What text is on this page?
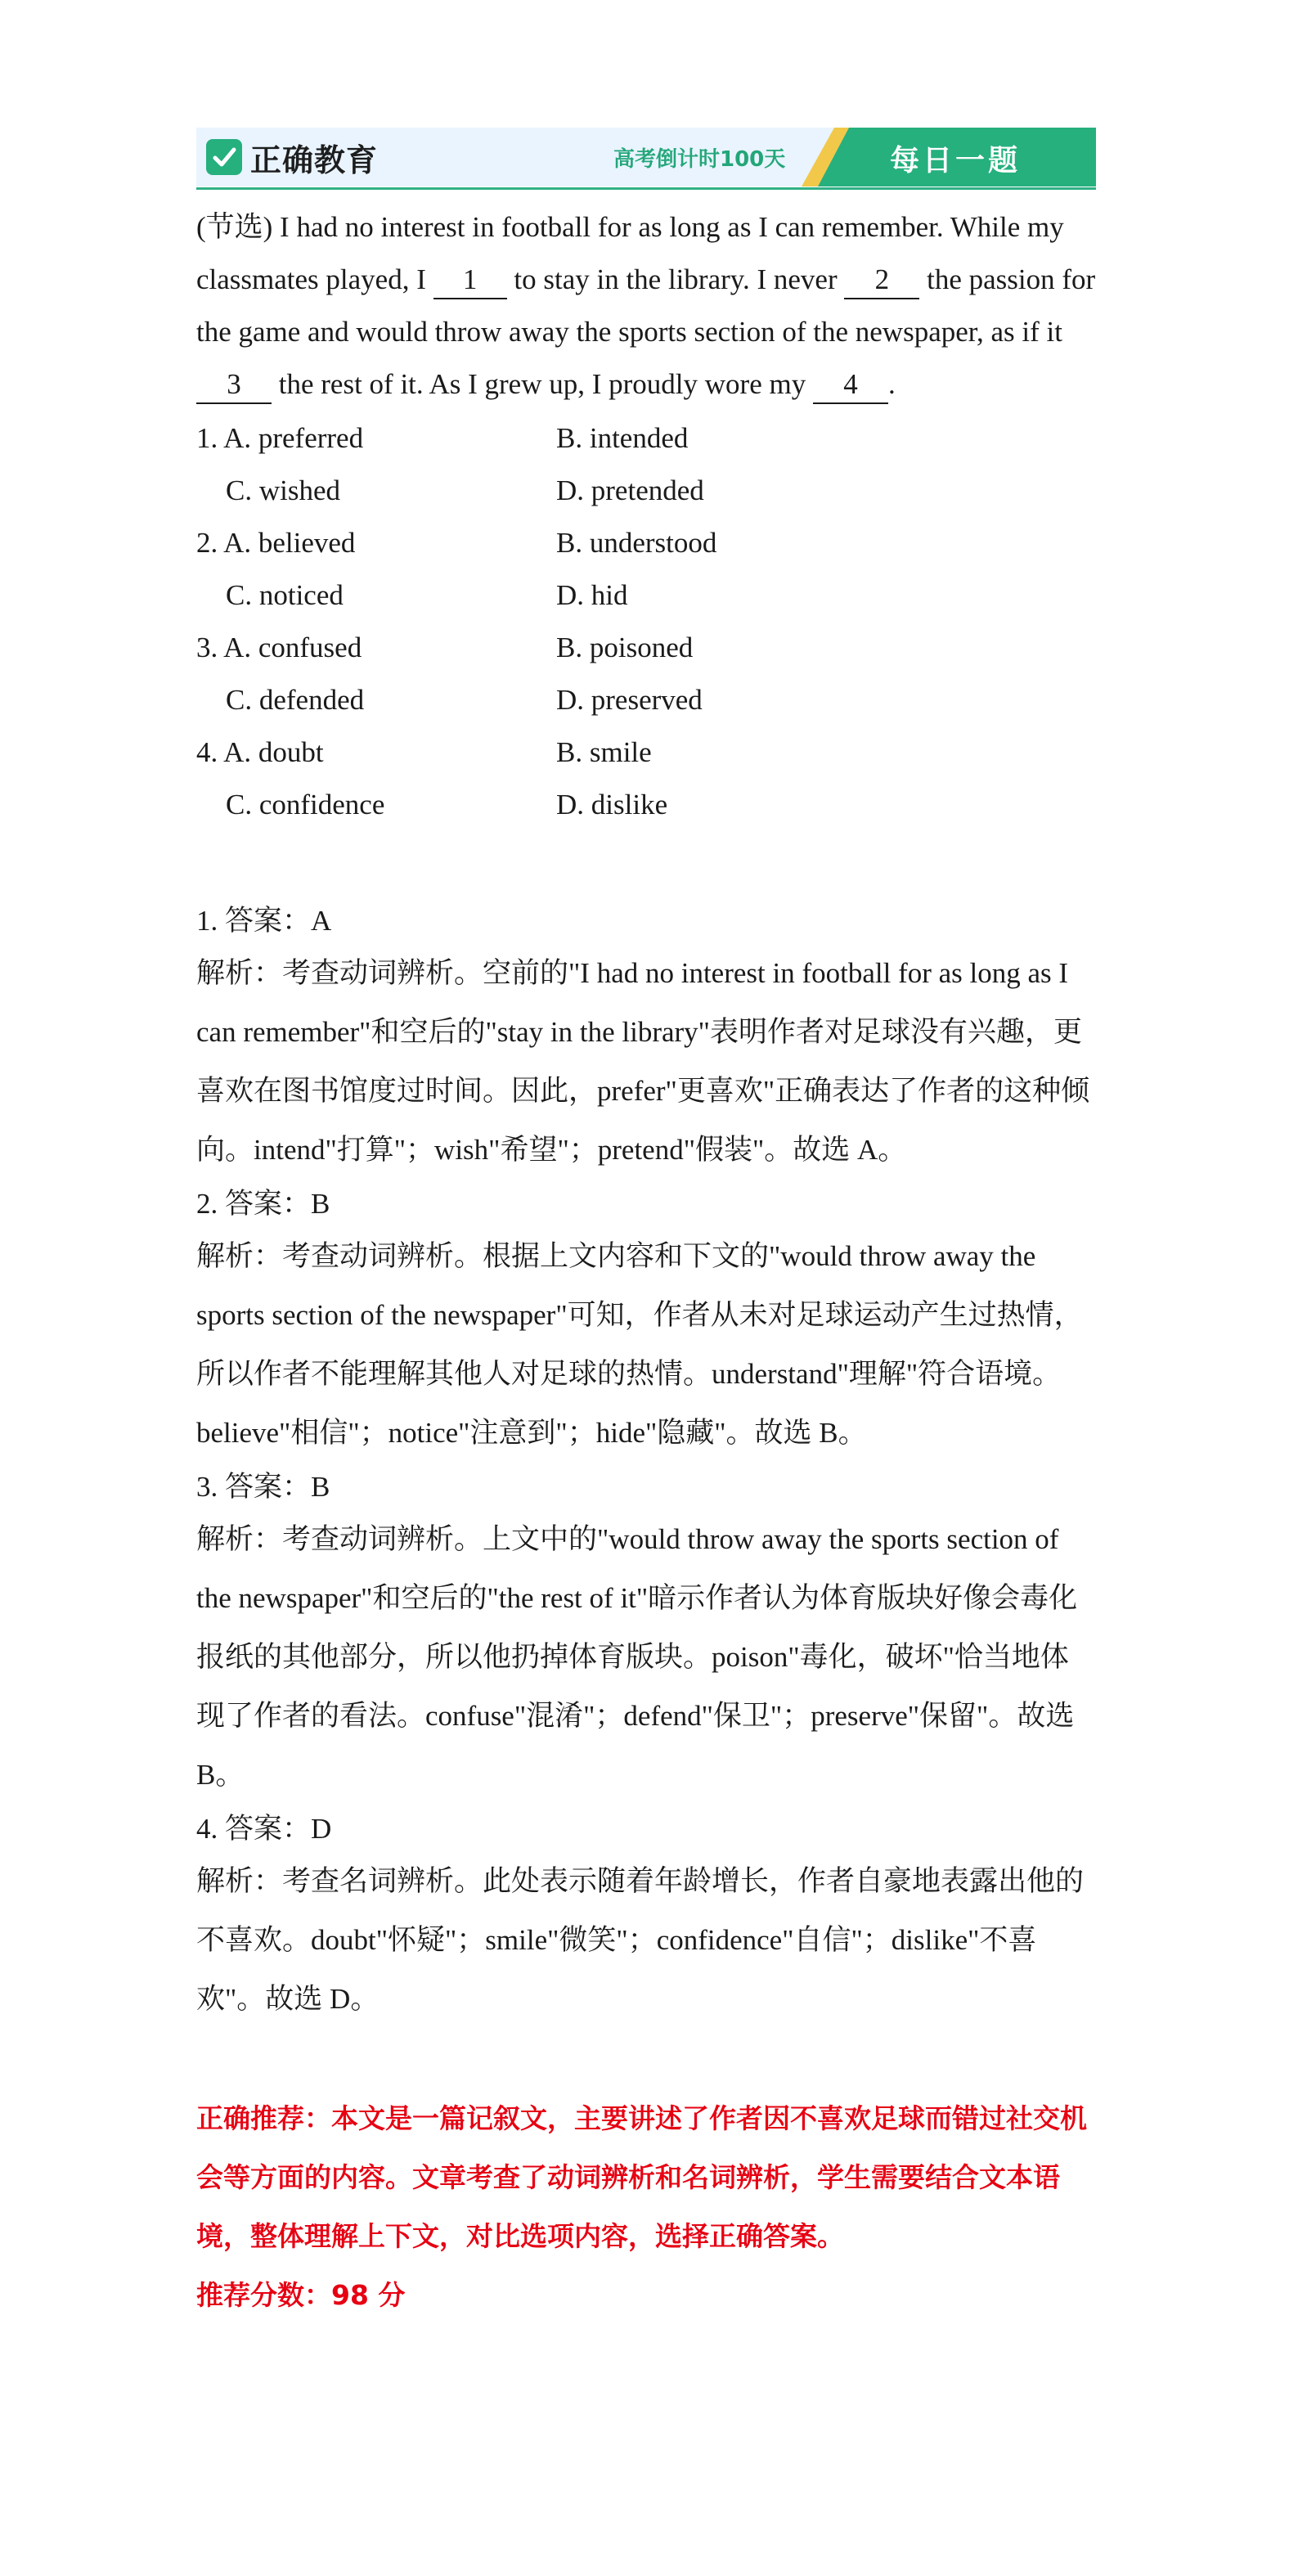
正确教育	高考倒计时100天	每日一题

(节选) I had no interest in football for as long as I can remember. While my classmates played, I 1 to stay in the library. I never 2 the passion for the game and would throw away the sports section of the newspaper, as if it 3 the rest of it. As I grew up, I proudly wore my 4 .

1. A. preferred	B. intended
C. wished	D. pretended
2. A. believed	B. understood
C. noticed	D. hid
3. A. confused	B. poisoned
C. defended	D. preserved
4. A. doubt	B. smile
C. confidence	D. dislike
1. 答案：A
解析：考查动词辨析。空前的"I had no interest in football for as long as I can remember"和空后的"stay in the library"表明作者对足球没有兴趣，更喜欢在图书馆度过时间。因此，prefer"更喜欢"正确表达了作者的这种倾向。intend"打算"；wish"希望"；pretend"假装"。故选 A。
2. 答案：B
解析：考查动词辨析。根据上文内容和下文的"would throw away the sports section of the newspaper"可知，作者从未对足球运动产生过热情，所以作者不能理解其他人对足球的热情。understand"理解"符合语境。believe"相信"；notice"注意到"；hide"隐藏"。故选 B。
3. 答案：B
解析：考查动词辨析。上文中的"would throw away the sports section of the newspaper"和空后的"the rest of it"暗示作者认为体育版块好像会毒化报纸的其他部分，所以他扔掉体育版块。poison"毒化，破坏"恰当地体现了作者的看法。confuse"混淆"；defend"保卫"；preserve"保留"。故选 B。
4. 答案：D
解析：考查名词辨析。此处表示随着年龄增长，作者自豪地表露出他的不喜欢。doubt"怀疑"；smile"微笑"；confidence"自信"；dislike"不喜欢"。故选 D。
正确推荐：本文是一篇记叙文，主要讲述了作者因不喜欢足球而错过社交机会等方面的内容。文章考查了动词辨析和名词辨析，学生需要结合文本语境，整体理解上下文，对比选项内容，选择正确答案。
推荐分数：98 分
